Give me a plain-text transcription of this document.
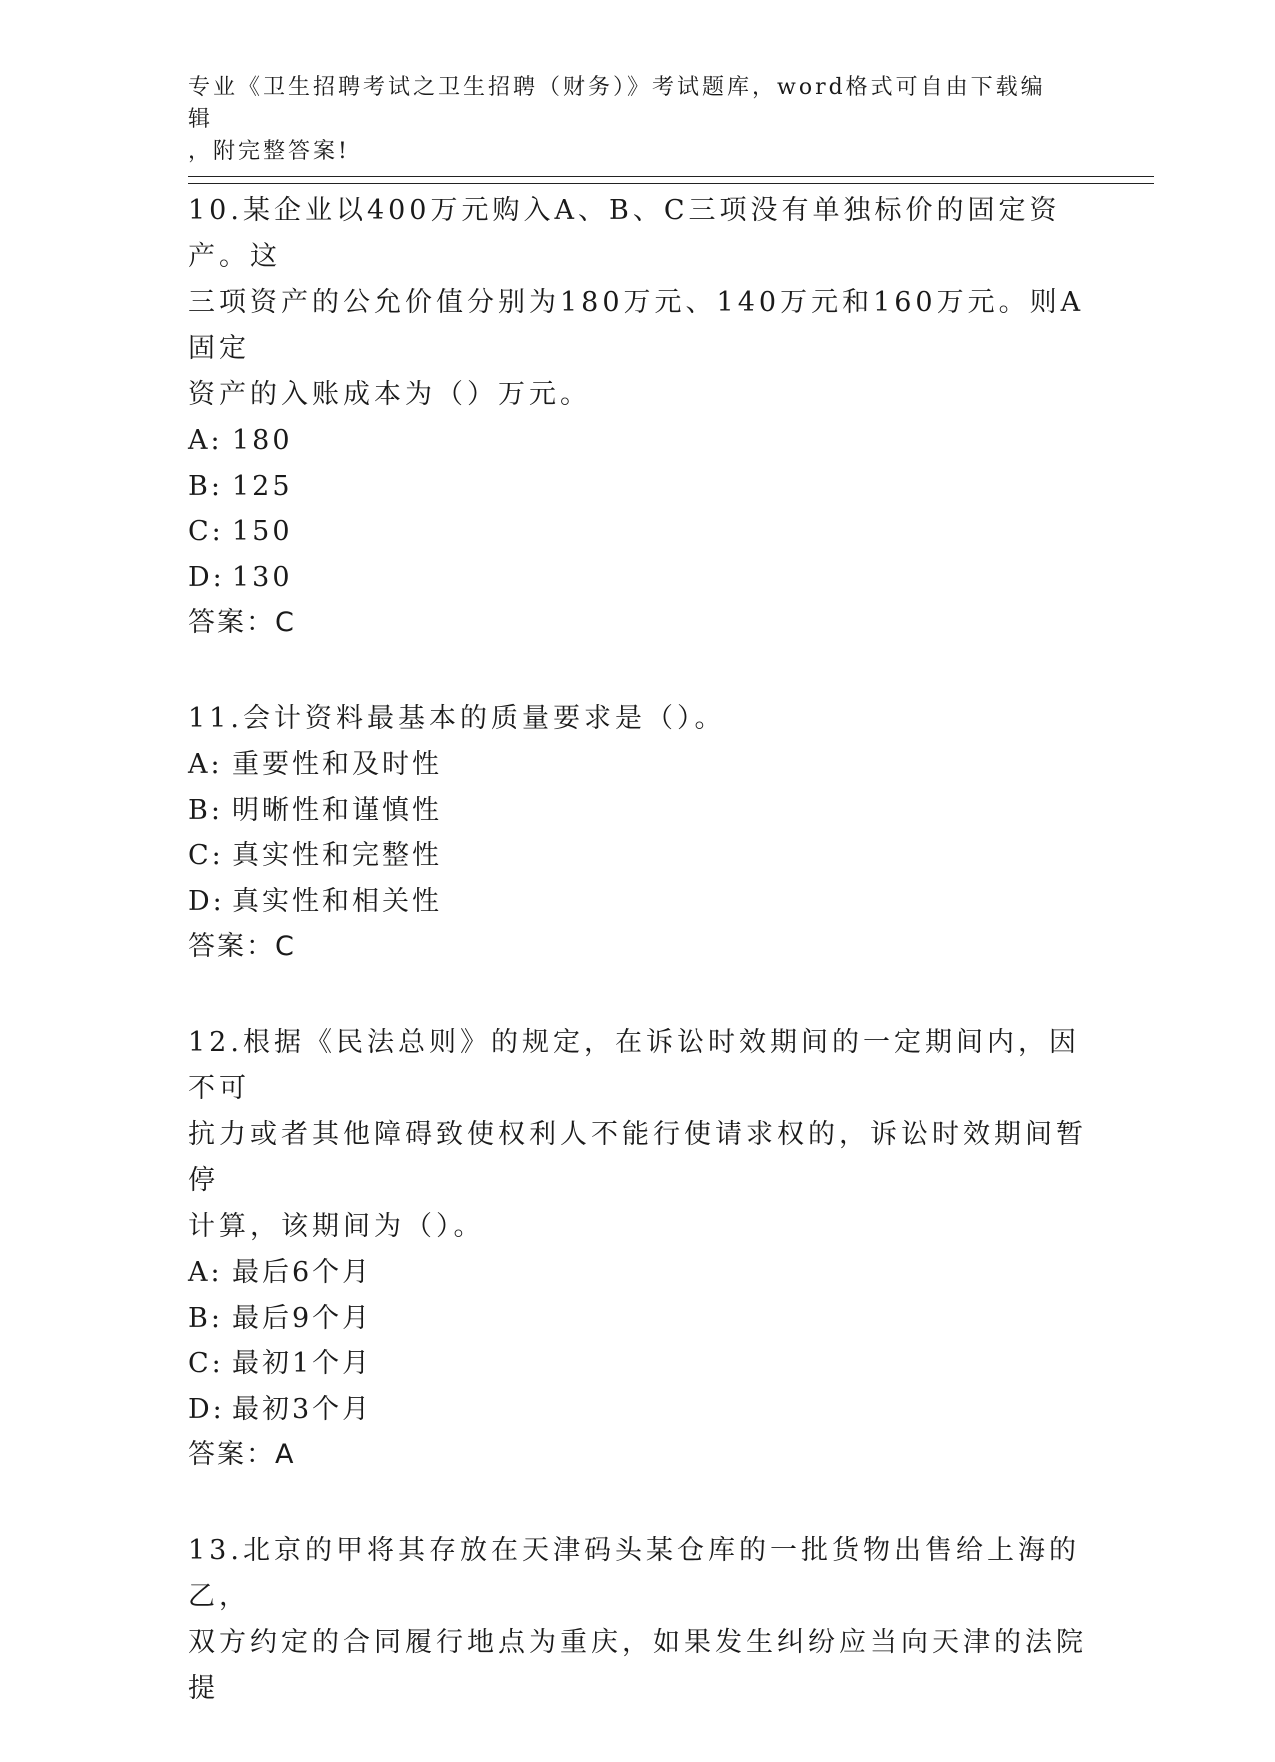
专业《卫生招聘考试之卫生招聘（财务）》考试题库，word格式可自由下载编辑
，附完整答案!
10.某企业以400万元购入A、B、C三项没有单独标价的固定资产。这
三项资产的公允价值分别为180万元、140万元和160万元。则A固定
资产的入账成本为（）万元。
A: 180
B: 125
C: 150
D: 130
答案：C
11.会计资料最基本的质量要求是（）。
A: 重要性和及时性
B: 明晰性和谨慎性
C: 真实性和完整性
D: 真实性和相关性
答案：C
12.根据《民法总则》的规定，在诉讼时效期间的一定期间内，因不可
抗力或者其他障碍致使权利人不能行使请求权的，诉讼时效期间暂停
计算，该期间为（）。
A: 最后6个月
B: 最后9个月
C: 最初1个月
D: 最初3个月
答案：A
13.北京的甲将其存放在天津码头某仓库的一批货物出售给上海的乙，
双方约定的合同履行地点为重庆，如果发生纠纷应当向天津的法院提
